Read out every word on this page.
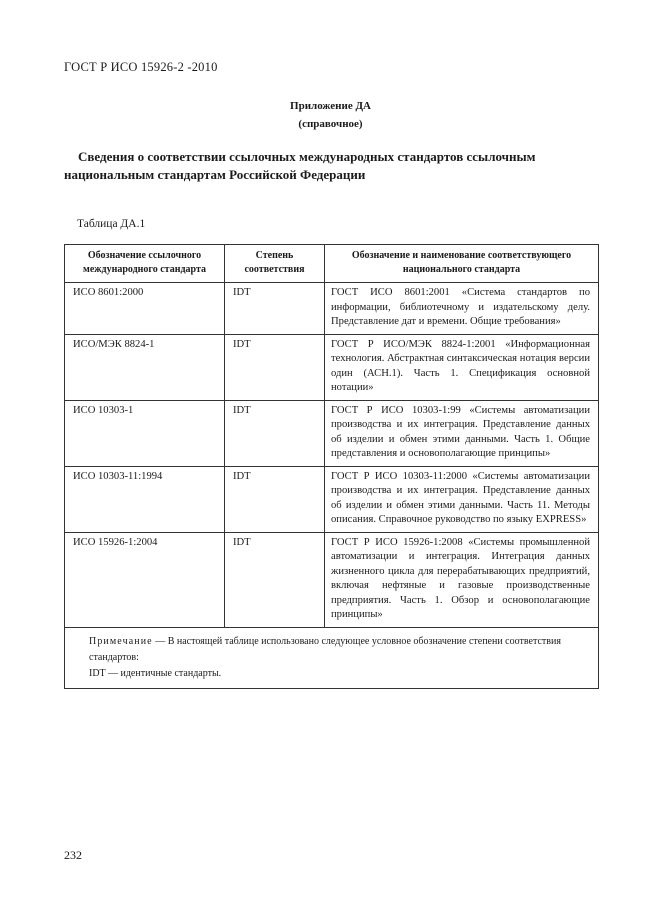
ГОСТ Р ИСО 15926-2 -2010
Приложение ДА
(справочное)
Сведения о соответствии ссылочных международных стандартов ссылочным национальным стандартам Российской Федерации
Таблица ДА.1
Обозначение ссылочного международного стандарта	Степень соответствия	Обозначение и наименование соответствующего национального стандарта
ИСО 8601:2000	IDT	ГОСТ ИСО 8601:2001 «Система стандартов по информации, библиотечному и издательскому делу. Представление дат и времени. Общие требования»
ИСО/МЭК 8824-1	IDT	ГОСТ Р ИСО/МЭК 8824-1:2001 «Информационная технология. Абстрактная синтаксическая нотация версии один (АСН.1). Часть 1. Спецификация основной нотации»
ИСО 10303-1	IDT	ГОСТ Р ИСО 10303-1:99 «Системы автоматизации производства и их интеграция. Представление данных об изделии и обмен этими данными. Часть 1. Общие представления и основополагающие принципы»
ИСО 10303-11:1994	IDT	ГОСТ Р ИСО 10303-11:2000 «Системы автоматизации производства и их интеграция. Представление данных об изделии и обмен этими данными. Часть 11. Методы описания. Справочное руководство по языку EXPRESS»
ИСО 15926-1:2004	IDT	ГОСТ Р ИСО 15926-1:2008 «Системы промышленной автоматизации и интеграция. Интеграция данных жизненного цикла для перерабатывающих предприятий, включая нефтяные и газовые производственные предприятия. Часть 1. Обзор и основополагающие принципы»

Примечание — В настоящей таблице использовано следующее условное обозначение степени соответствия стандартов:
IDT — идентичные стандарты.		
232
